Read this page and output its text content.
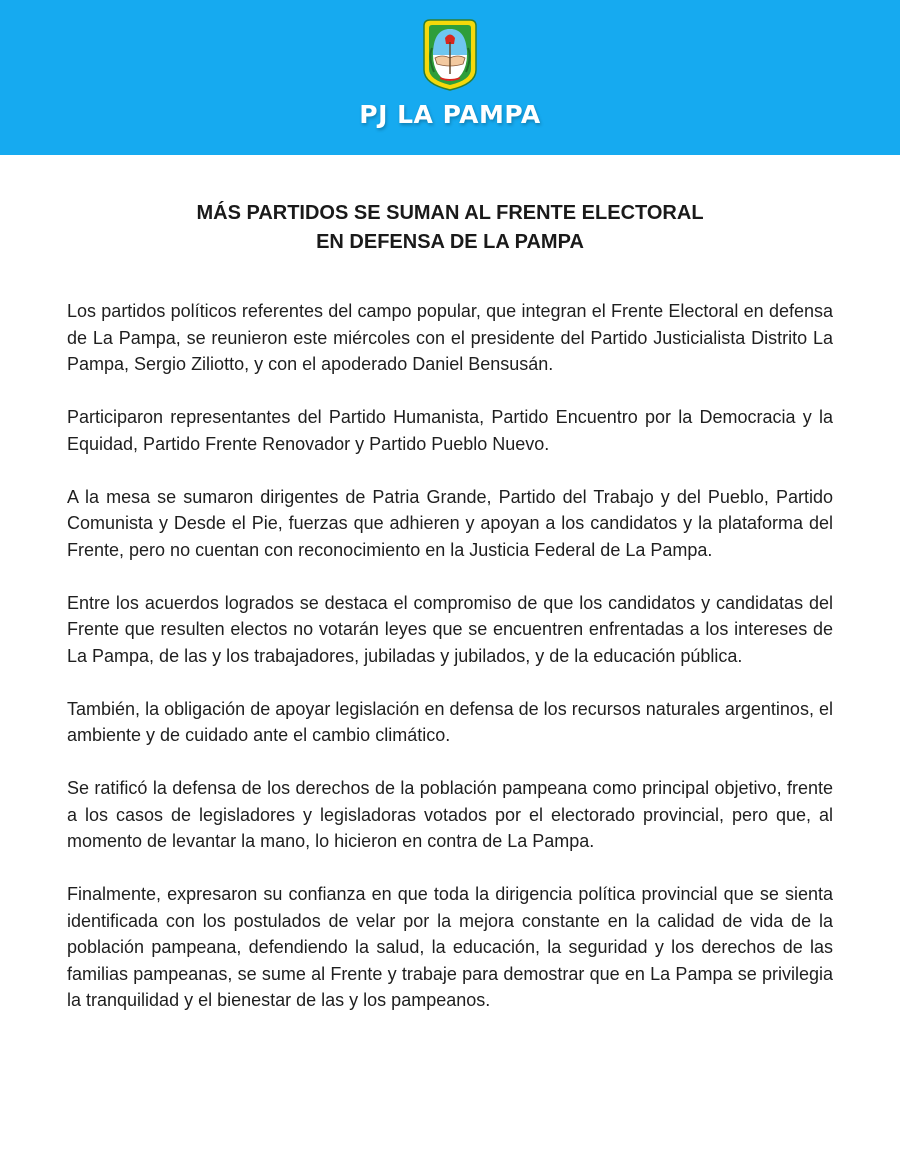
PJ LA PAMPA
MÁS PARTIDOS SE SUMAN AL FRENTE ELECTORAL
EN DEFENSA DE LA PAMPA

Los partidos políticos referentes del campo popular, que integran el Frente Electoral en defensa de La Pampa, se reunieron este miércoles con el presidente del Partido Justicialista Distrito La Pampa, Sergio Ziliotto, y con el apoderado Daniel Bensusán.

Participaron representantes del Partido Humanista, Partido Encuentro por la Democracia y la Equidad, Partido Frente Renovador y Partido Pueblo Nuevo.

A la mesa se sumaron dirigentes de Patria Grande, Partido del Trabajo y del Pueblo, Partido Comunista y Desde el Pie, fuerzas que adhieren y apoyan a los candidatos y la plataforma del Frente, pero no cuentan con reconocimiento en la Justicia Federal de La Pampa.

Entre los acuerdos logrados se destaca el compromiso de que los candidatos y candidatas del Frente que resulten electos no votarán leyes que se encuentren enfrentadas a los intereses de La Pampa, de las y los trabajadores, jubiladas y jubilados, y de la educación pública.

También, la obligación de apoyar legislación en defensa de los recursos naturales argentinos, el ambiente y de cuidado ante el cambio climático.

Se ratificó la defensa de los derechos de la población pampeana como principal objetivo, frente a los casos de legisladores y legisladoras votados por el electorado provincial, pero que, al momento de levantar la mano, lo hicieron en contra de La Pampa.

Finalmente, expresaron su confianza en que toda la dirigencia política provincial que se sienta identificada con los postulados de velar por la mejora constante en la calidad de vida de la población pampeana, defendiendo la salud, la educación, la seguridad y los derechos de las familias pampeanas, se sume al Frente y trabaje para demostrar que en La Pampa se privilegia la tranquilidad y el bienestar de las y los pampeanos.
